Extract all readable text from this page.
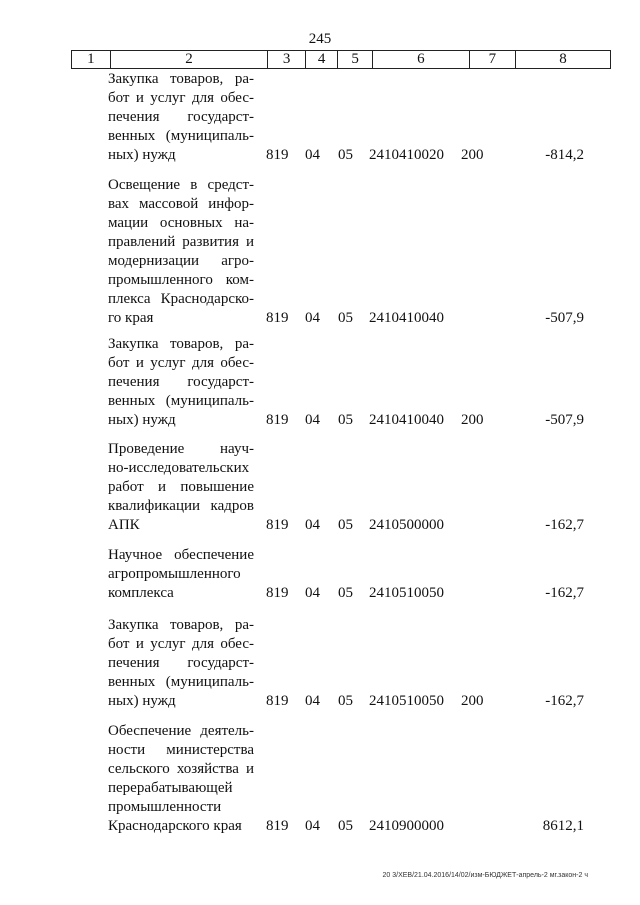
245
1	2	3	4	5	6	7	8
Закупка товаров, ра-
бот и услуг для обес-
печения государст-
венных (муниципаль-
ных) нужд	819 04 05 2410410020 200	-814,2
Освещение в средст-
вах массовой инфор-
мации основных на-
правлений развития и
модернизации агро-
промышленного ком-
плекса Краснодарско-
го края	819 04 05 2410410040	-507,9
Закупка товаров, ра-
бот и услуг для обес-
печения государст-
венных (муниципаль-
ных) нужд	819 04 05 2410410040 200	-507,9
Проведение науч-
но-исследовательских
работ и повышение
квалификации кадров
АПК	819 04 05 2410500000	-162,7
Научное обеспечение
агропромышленного
комплекса	819 04 05 2410510050	-162,7
Закупка товаров, ра-
бот и услуг для обес-
печения государст-
венных (муниципаль-
ных) нужд	819 04 05 2410510050 200	-162,7
Обеспечение деятель-
ности министерства
сельского хозяйства и
перерабатывающей
промышленности
Краснодарского края	819 04 05 2410900000	8612,1
20 3/ХЕВ/21.04.2016/14/02/изм-БЮДЖЕТ-апрель-2 мг.закон-2 ч
